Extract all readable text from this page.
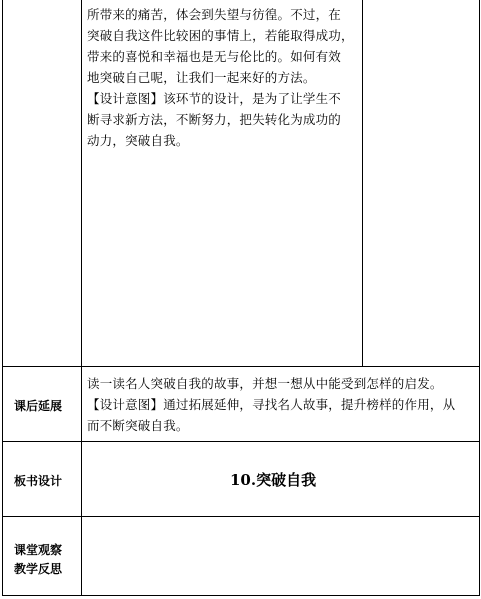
所带来的痛苦，体会到失望与彷徨。不过，在
突破自我这件比较困的事情上，若能取得成功，
带来的喜悦和幸福也是无与伦比的。如何有效
地突破自己呢，让我们一起来好的方法。
【设计意图】该环节的设计，是为了让学生不
断寻求新方法，不断努力，把失转化为成功的
动力，突破自我。
课后延展
读一读名人突破自我的故事，并想一想从中能受到怎样的启发。
【设计意图】通过拓展延伸，寻找名人故事，提升榜样的作用，从
而不断突破自我。
板书设计	10.突破自我
课堂观察
教学反思
